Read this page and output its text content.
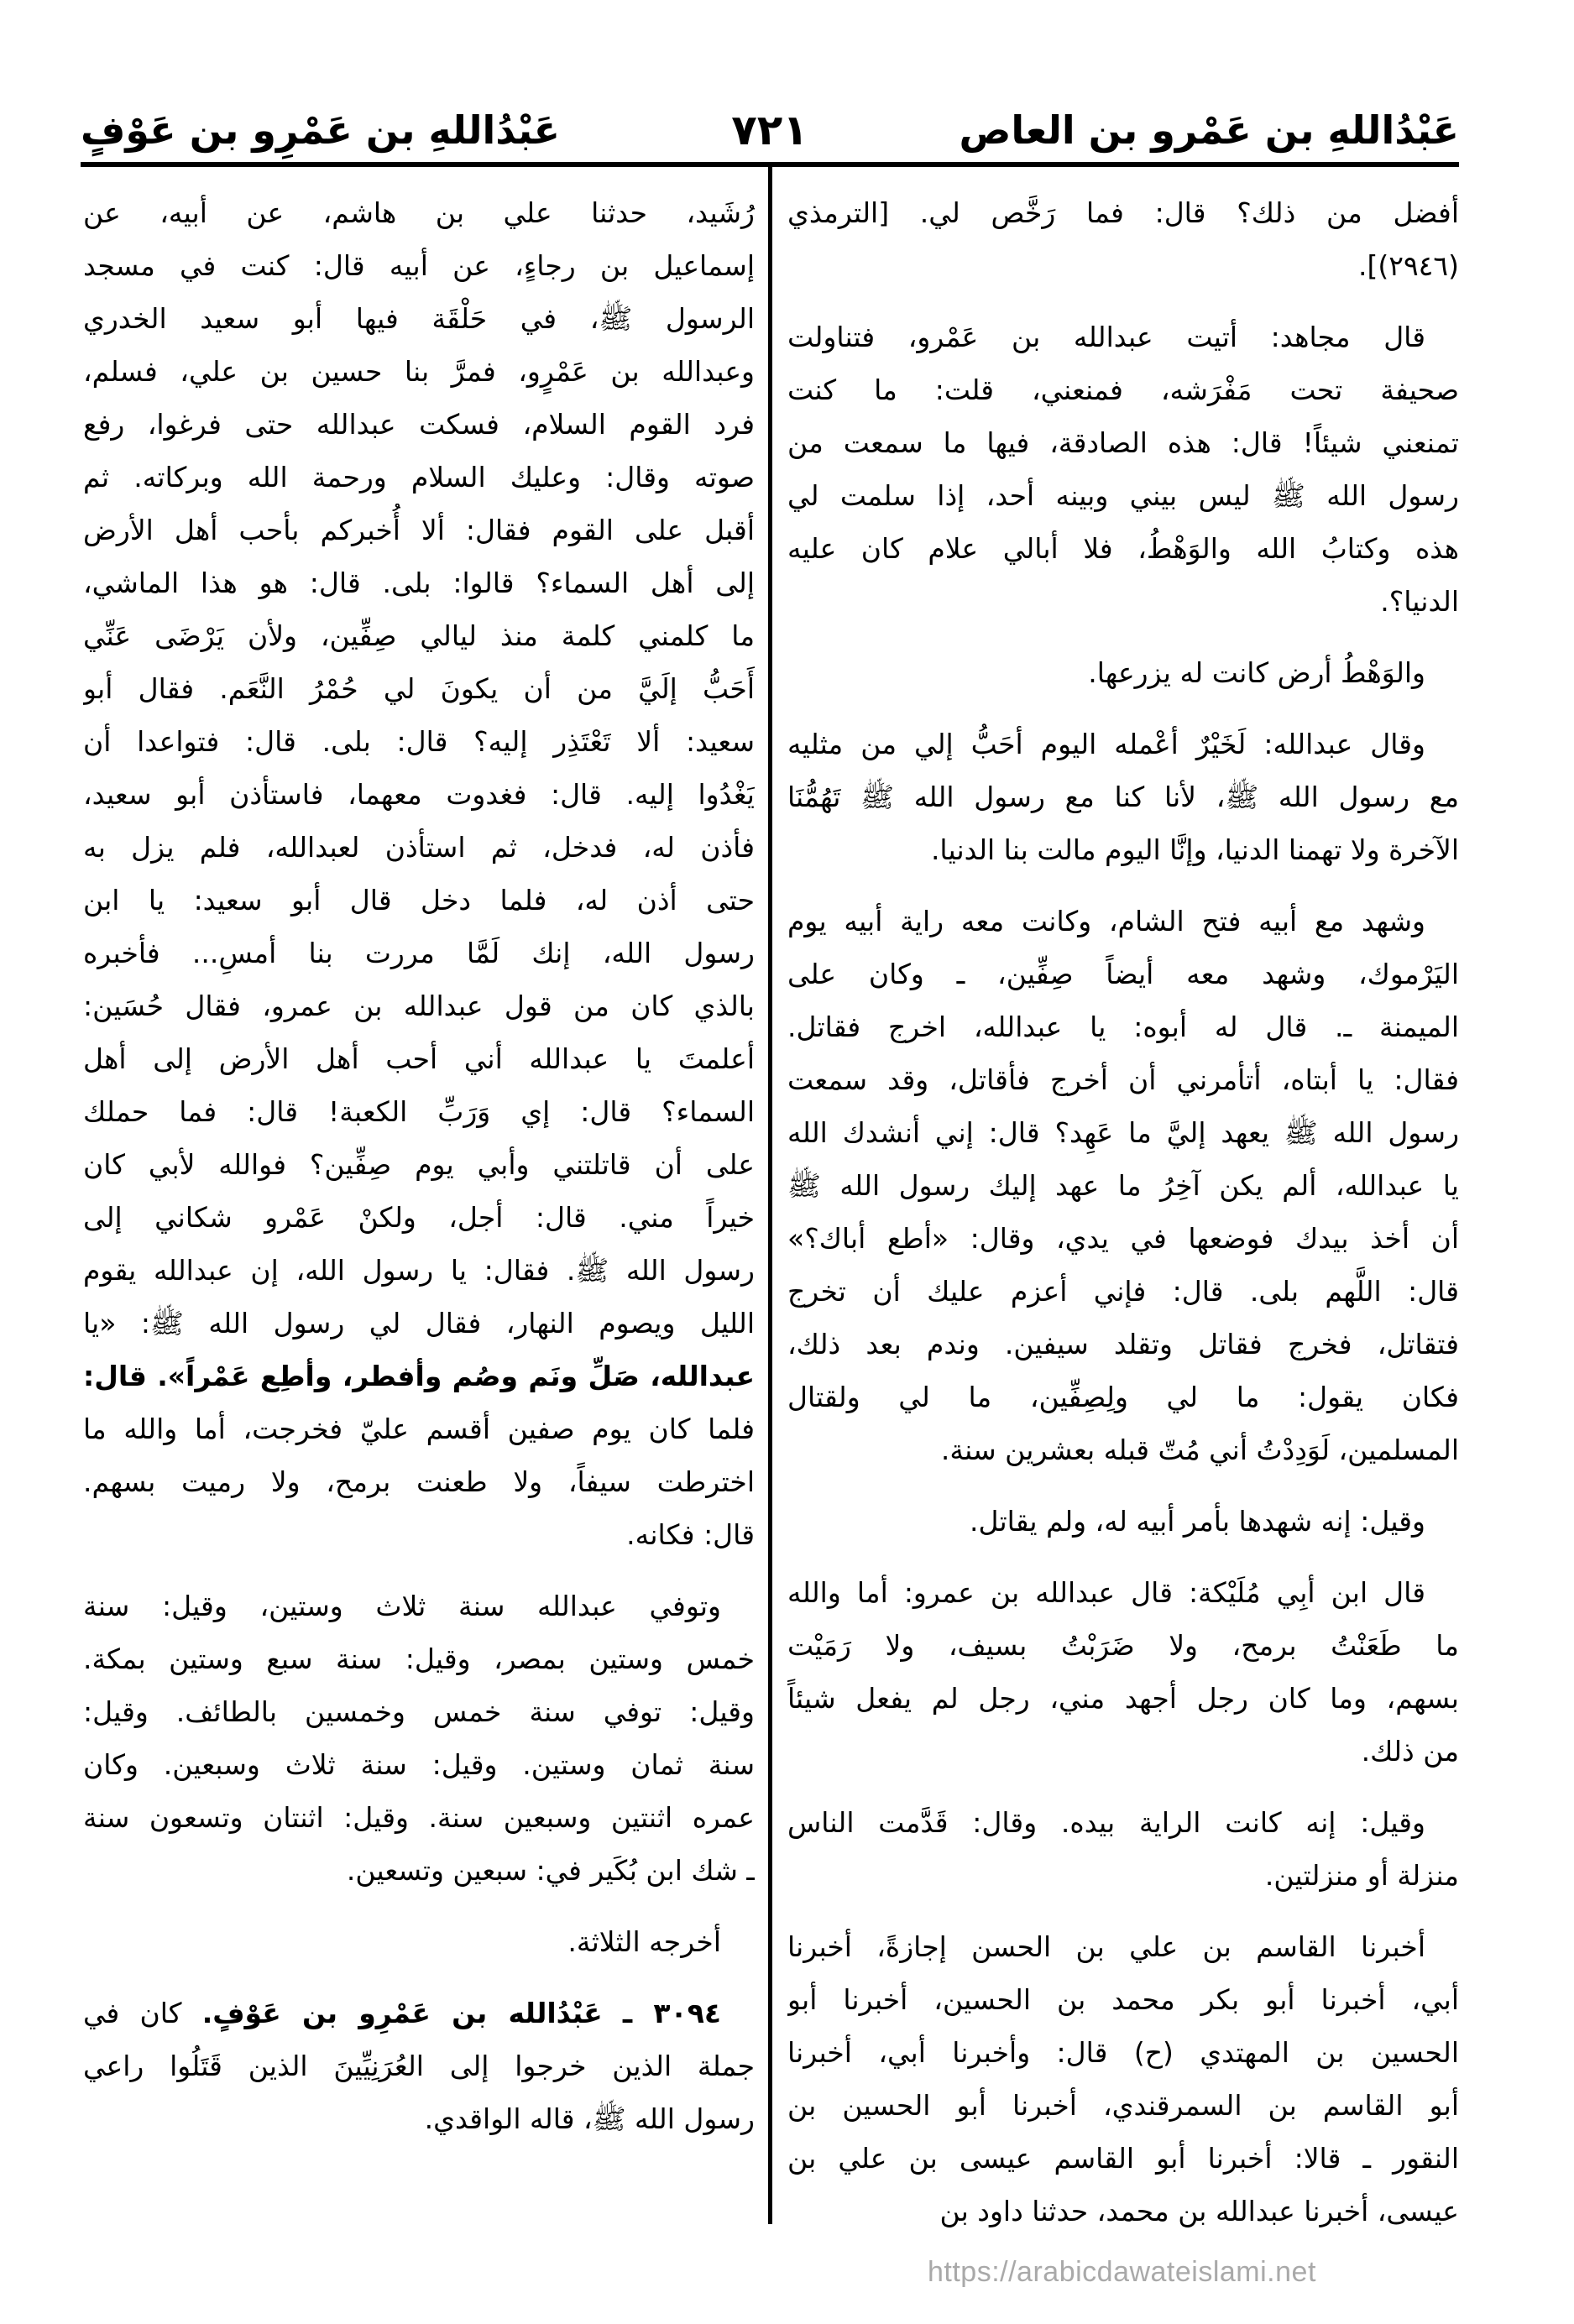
عَبْدُاللهِ بن عَمْرو بن العاص
٧٢١
عَبْدُاللهِ بن عَمْرِو بن عَوْفٍ
أفضل من ذلك؟ قال: فما رَخَّص لي. [الترمذي
(٢٩٤٦)].
قال مجاهد: أتيت عبدالله بن عَمْرو، فتناولت
صحيفة تحت مَفْرَشه، فمنعني، قلت: ما كنت
تمنعني شيئاً! قال: هذه الصادقة، فيها ما سمعت من
رسول الله ﷺ ليس بيني وبينه أحد، إذا سلمت لي
هذه وكتابُ الله والوَهْطُ، فلا أبالي علام كان عليه
الدنيا؟.
والوَهْطُ أرض كانت له يزرعها.
وقال عبدالله: لَخَيْرٌ أعْمله اليوم أحَبُّ إلي من مثليه
مع رسول الله ﷺ، لأنا كنا مع رسول الله ﷺ تَهُمُّنَا
الآخرة ولا تهمنا الدنيا، وإنَّا اليوم مالت بنا الدنيا.
وشهد مع أبيه فتح الشام، وكانت معه راية أبيه يوم
اليَرْموك، وشهد معه أيضاً صِفِّين، ـ وكان على
الميمنة ـ. قال له أبوه: يا عبدالله، اخرج فقاتل.
فقال: يا أبتاه، أتأمرني أن أخرج فأقاتل، وقد سمعت
رسول الله ﷺ يعهد إليَّ ما عَهِد؟ قال: إني أنشدك الله
يا عبدالله، ألم يكن آخِرُ ما عهد إليك رسول الله ﷺ
أن أخذ بيدك فوضعها في يدي، وقال: «أطع أباك؟»
قال: اللَّهم بلى. قال: فإني أعزم عليك أن تخرج
فتقاتل، فخرج فقاتل وتقلد سيفين. وندم بعد ذلك،
فكان يقول: ما لي ولِصِفِّين، ما لي ولقتال
المسلمين، لَوَدِدْتُ أني مُتّ قبله بعشرين سنة.
وقيل: إنه شهدها بأمر أبيه له، ولم يقاتل.
قال ابن أبِي مُلَيْكة: قال عبدالله بن عمرو: أما والله
ما طَعَنْتُ برمح، ولا ضَرَبْتُ بسيف، ولا رَمَيْت
بسهم، وما كان رجل أجهد مني، رجل لم يفعل شيئاً
من ذلك.
وقيل: إنه كانت الراية بيده. وقال: قَدَّمت الناس
منزلة أو منزلتين.
أخبرنا القاسم بن علي بن الحسن إجازةً، أخبرنا
أبي، أخبرنا أبو بكر محمد بن الحسين، أخبرنا أبو
الحسين بن المهتدي (ح) قال: وأخبرنا أبي، أخبرنا
أبو القاسم بن السمرقندي، أخبرنا أبو الحسين بن
النقور ـ قالا: أخبرنا أبو القاسم عيسى بن علي بن
عيسى، أخبرنا عبدالله بن محمد، حدثنا داود بن
رُشَيد، حدثنا علي بن هاشم، عن أبيه، عن
إسماعيل بن رجاءٍ، عن أبيه قال: كنت في مسجد
الرسول ﷺ، في حَلْقَة فيها أبو سعيد الخدري
وعبدالله بن عَمْرٍو، فمرَّ بنا حسين بن علي، فسلم،
فرد القوم السلام، فسكت عبدالله حتى فرغوا، رفع
صوته وقال: وعليك السلام ورحمة الله وبركاته. ثم
أقبل على القوم فقال: ألا أُخبركم بأحب أهل الأرض
إلى أهل السماء؟ قالوا: بلى. قال: هو هذا الماشي،
ما كلمني كلمة منذ ليالي صِفِّين، ولأن يَرْضَى عَنِّي
أَحَبُّ إلَيَّ من أن يكونَ لي حُمْرُ النَّعَم. فقال أبو
سعيد: ألا تَعْتَذِر إليه؟ قال: بلى. قال: فتواعدا أن
يَغْدُوا إليه. قال: فغدوت معهما، فاستأذن أبو سعيد،
فأذن له، فدخل، ثم استأذن لعبدالله، فلم يزل به
حتى أذن له، فلما دخل قال أبو سعيد: يا ابن
رسول الله، إنك لَمَّا مررت بنا أمسِ... فأخبره
بالذي كان من قول عبدالله بن عمرو، فقال حُسَين:
أعلمتَ يا عبدالله أني أحب أهل الأرض إلى أهل
السماء؟ قال: إي وَرَبِّ الكعبة! قال: فما حملك
على أن قاتلتني وأبي يوم صِفِّين؟ فوالله لأبي كان
خيراً مني. قال: أجل، ولكنْ عَمْرو شكاني إلى
رسول الله ﷺ. فقال: يا رسول الله، إن عبدالله يقوم
الليل ويصوم النهار، فقال لي رسول الله ﷺ: «يا
عبدالله، صَلِّ ونَم وصُم وأفطر، وأطِع عَمْراً». قال:
فلما كان يوم صفين أقسم عليّ فخرجت، أما والله ما
اخترطت سيفاً، ولا طعنت برمح، ولا رميت بسهم.
قال: فكانه.
وتوفي عبدالله سنة ثلاث وستين، وقيل: سنة
خمس وستين بمصر، وقيل: سنة سبع وستين بمكة.
وقيل: توفي سنة خمس وخمسين بالطائف. وقيل:
سنة ثمان وستين. وقيل: سنة ثلاث وسبعين. وكان
عمره اثنتين وسبعين سنة. وقيل: اثنتان وتسعون سنة
ـ شك ابن بُكَير في: سبعين وتسعين.
أخرجه الثلاثة.
٣٠٩٤ ـ عَبْدُالله بن عَمْرِو بن عَوْفٍ. كان في
جملة الذين خرجوا إلى العُرَنِيِّينَ الذين قَتَلُوا راعي
رسول الله ﷺ، قاله الواقدي.
https://arabicdawateislami.net
